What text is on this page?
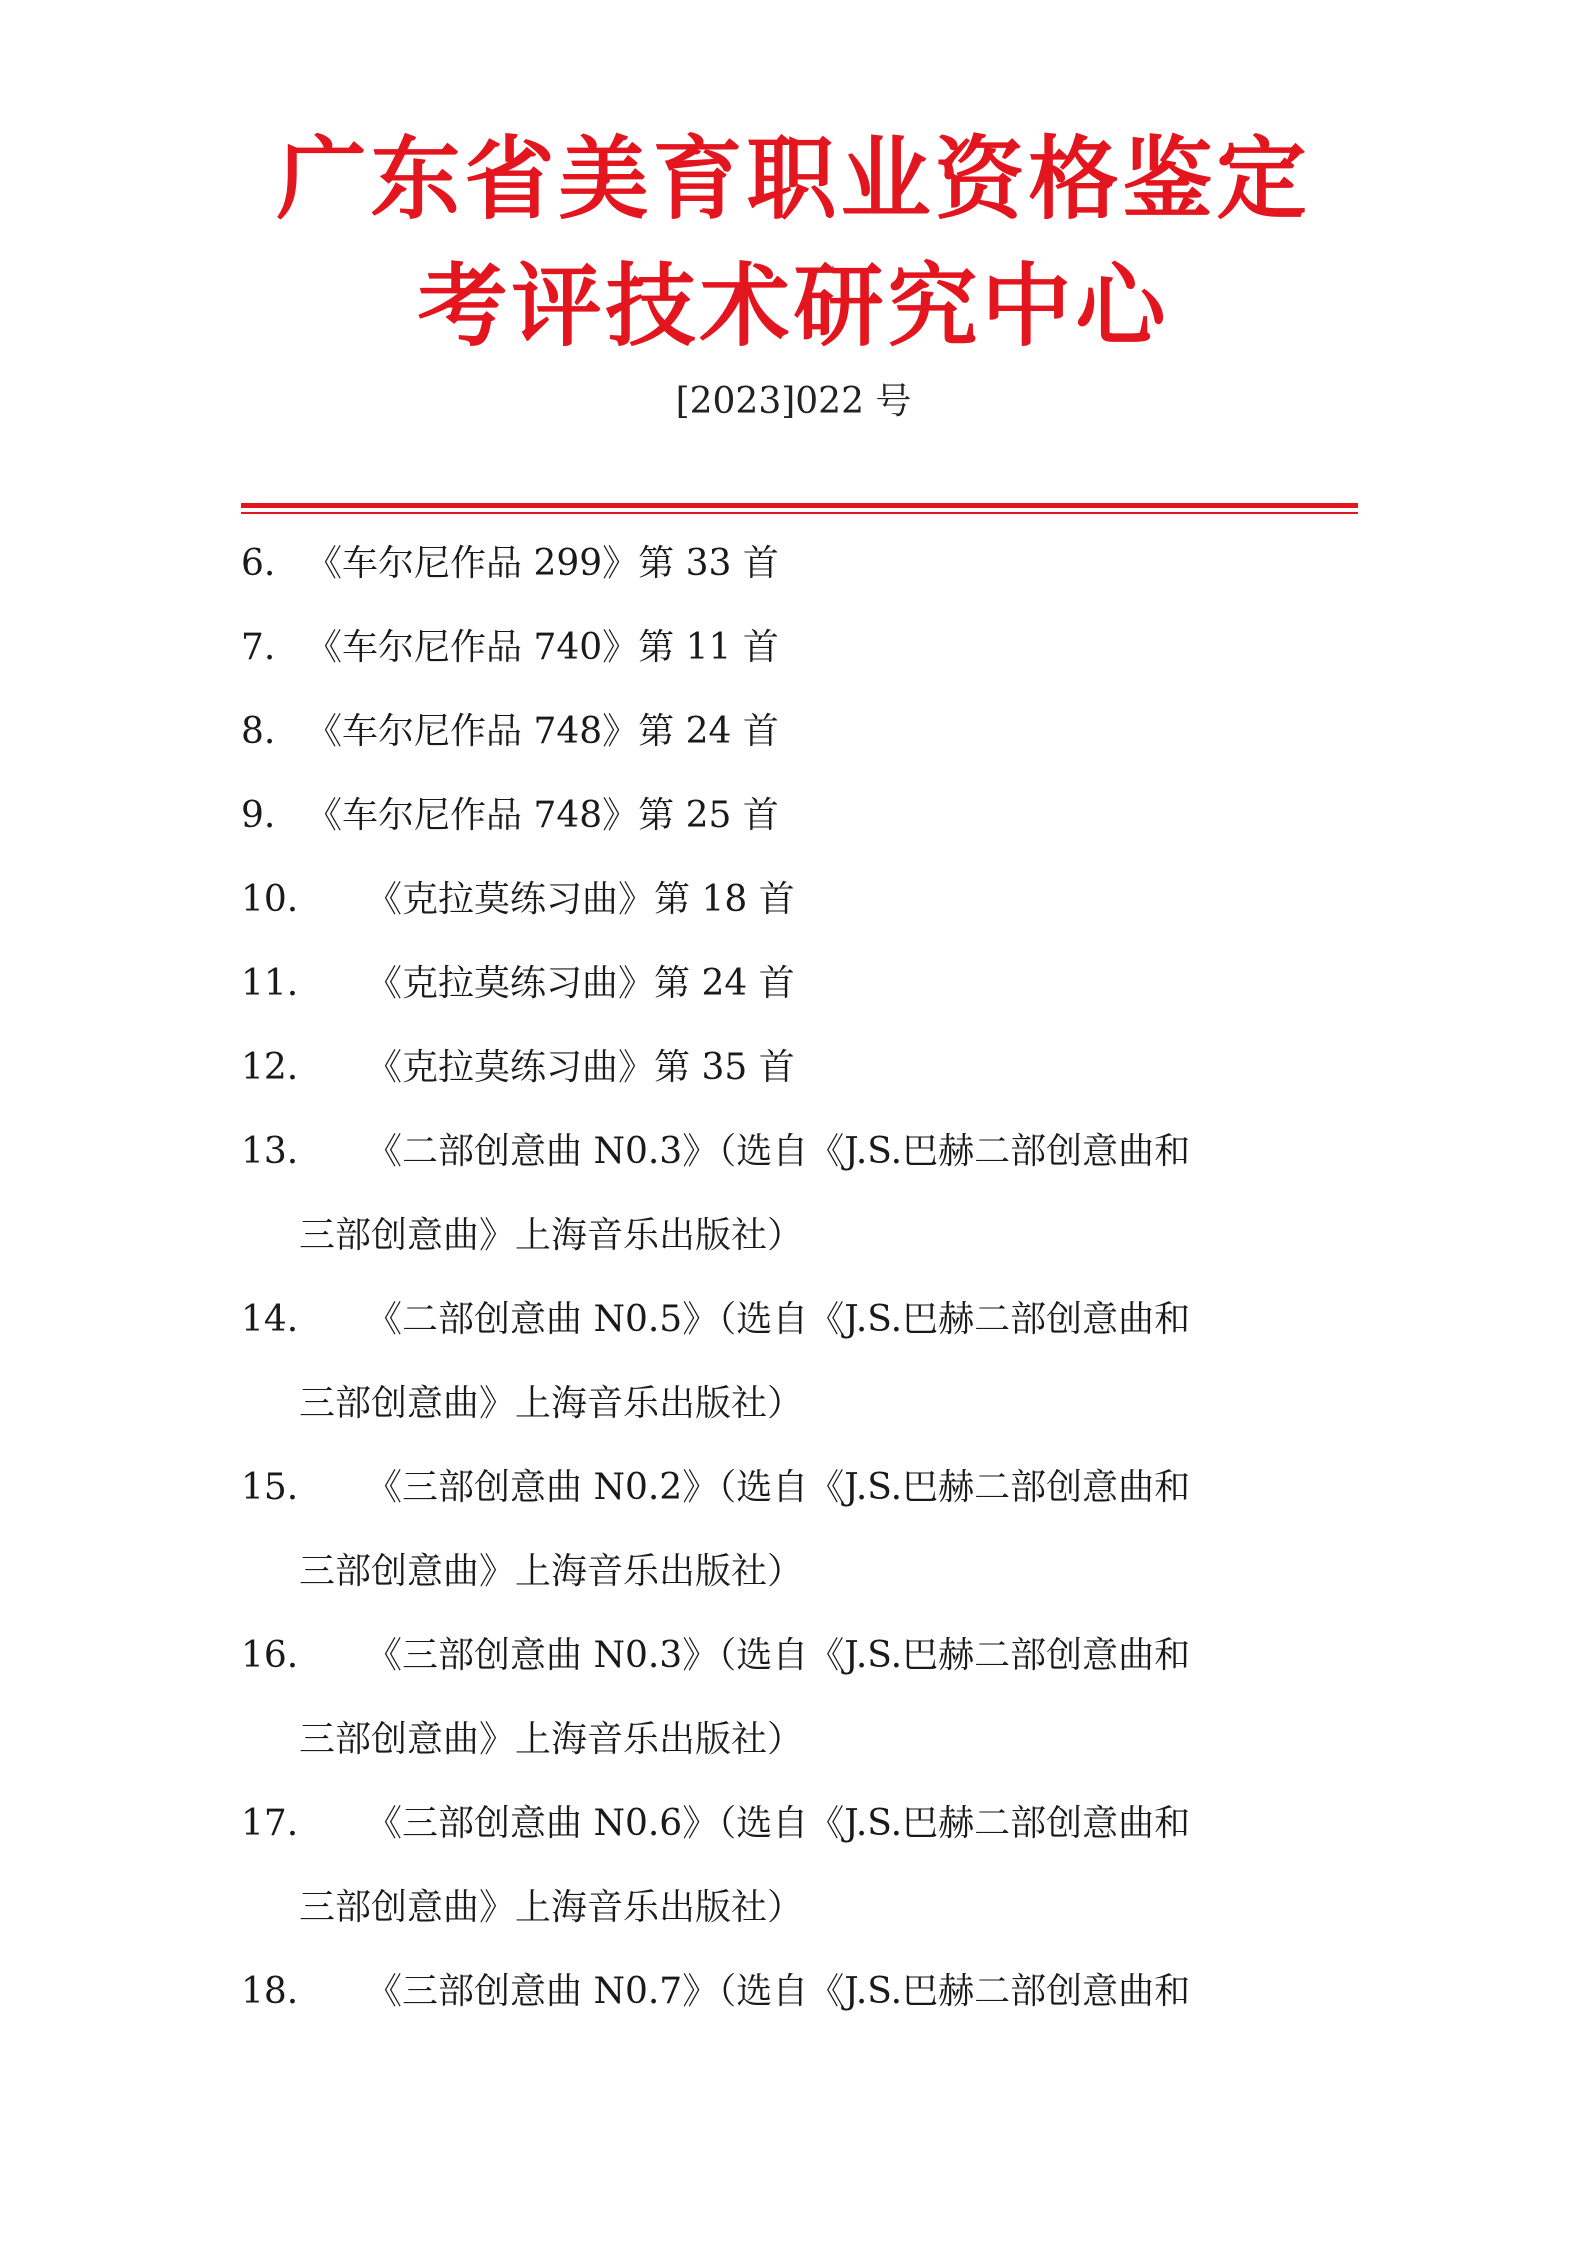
广东省美育职业资格鉴定
考评技术研究中心
[2023]022 号
6. 《车尔尼作品 299》第 33 首
7. 《车尔尼作品 740》第 11 首
8. 《车尔尼作品 748》第 24 首
9. 《车尔尼作品 748》第 25 首
10. 《克拉莫练习曲》第 18 首
11. 《克拉莫练习曲》第 24 首
12. 《克拉莫练习曲》第 35 首
13. 《二部创意曲 N0.3》（选自《J.S.巴赫二部创意曲和
三部创意曲》上海音乐出版社）
14. 《二部创意曲 N0.5》（选自《J.S.巴赫二部创意曲和
三部创意曲》上海音乐出版社）
15. 《三部创意曲 N0.2》（选自《J.S.巴赫二部创意曲和
三部创意曲》上海音乐出版社）
16. 《三部创意曲 N0.3》（选自《J.S.巴赫二部创意曲和
三部创意曲》上海音乐出版社）
17. 《三部创意曲 N0.6》（选自《J.S.巴赫二部创意曲和
三部创意曲》上海音乐出版社）
18. 《三部创意曲 N0.7》（选自《J.S.巴赫二部创意曲和
